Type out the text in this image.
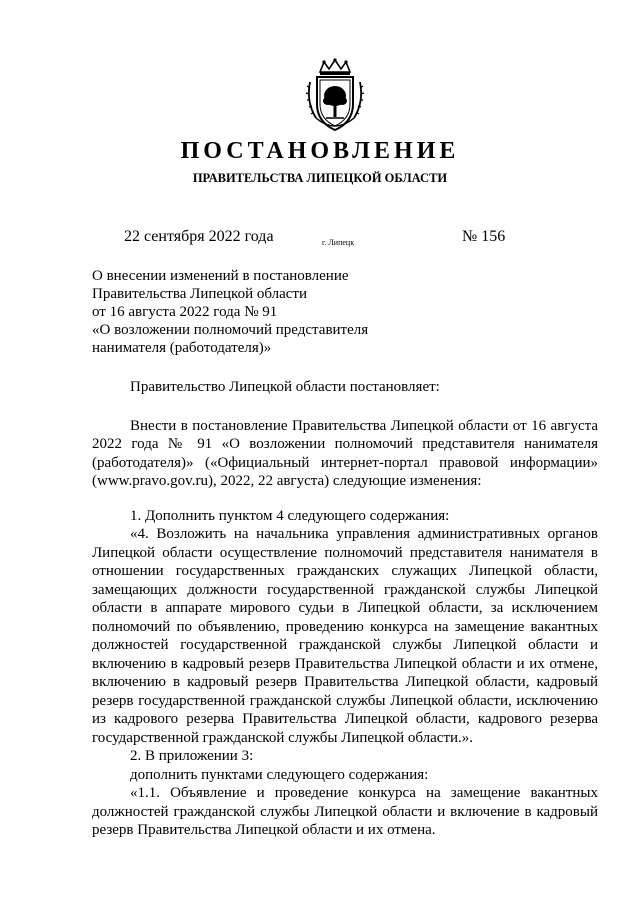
ПОСТАНОВЛЕНИЕ
ПРАВИТЕЛЬСТВА ЛИПЕЦКОЙ ОБЛАСТИ
22 сентября 2022 года	г. Липецк	№ 156
О внесении изменений в постановление
Правительства Липецкой области
от 16 августа 2022 года № 91
«О возложении полномочий представителя
нанимателя (работодателя)»

Правительство Липецкой области постановляет:

Внести в постановление Правительства Липецкой области от 16 августа 2022 года № 91 «О возложении полномочий представителя нанимателя (работодателя)» («Официальный интернет-портал правовой информации» (www.pravo.gov.ru), 2022, 22 августа) следующие изменения:

1. Дополнить пунктом 4 следующего содержания:

«4. Возложить на начальника управления административных органов Липецкой области осуществление полномочий представителя нанимателя в отношении государственных гражданских служащих Липецкой области, замещающих должности государственной гражданской службы Липецкой области в аппарате мирового судьи в Липецкой области, за исключением полномочий по объявлению, проведению конкурса на замещение вакантных должностей государственной гражданской службы Липецкой области и включению в кадровый резерв Правительства Липецкой области и их отмене, включению в кадровый резерв Правительства Липецкой области, кадровый резерв государственной гражданской службы Липецкой области, исключению из кадрового резерва Правительства Липецкой области, кадрового резерва государственной гражданской службы Липецкой области.».

2. В приложении 3:

дополнить пунктами следующего содержания:

«1.1. Объявление и проведение конкурса на замещение вакантных должностей гражданской службы Липецкой области и включение в кадровый резерв Правительства Липецкой области и их отмена.
